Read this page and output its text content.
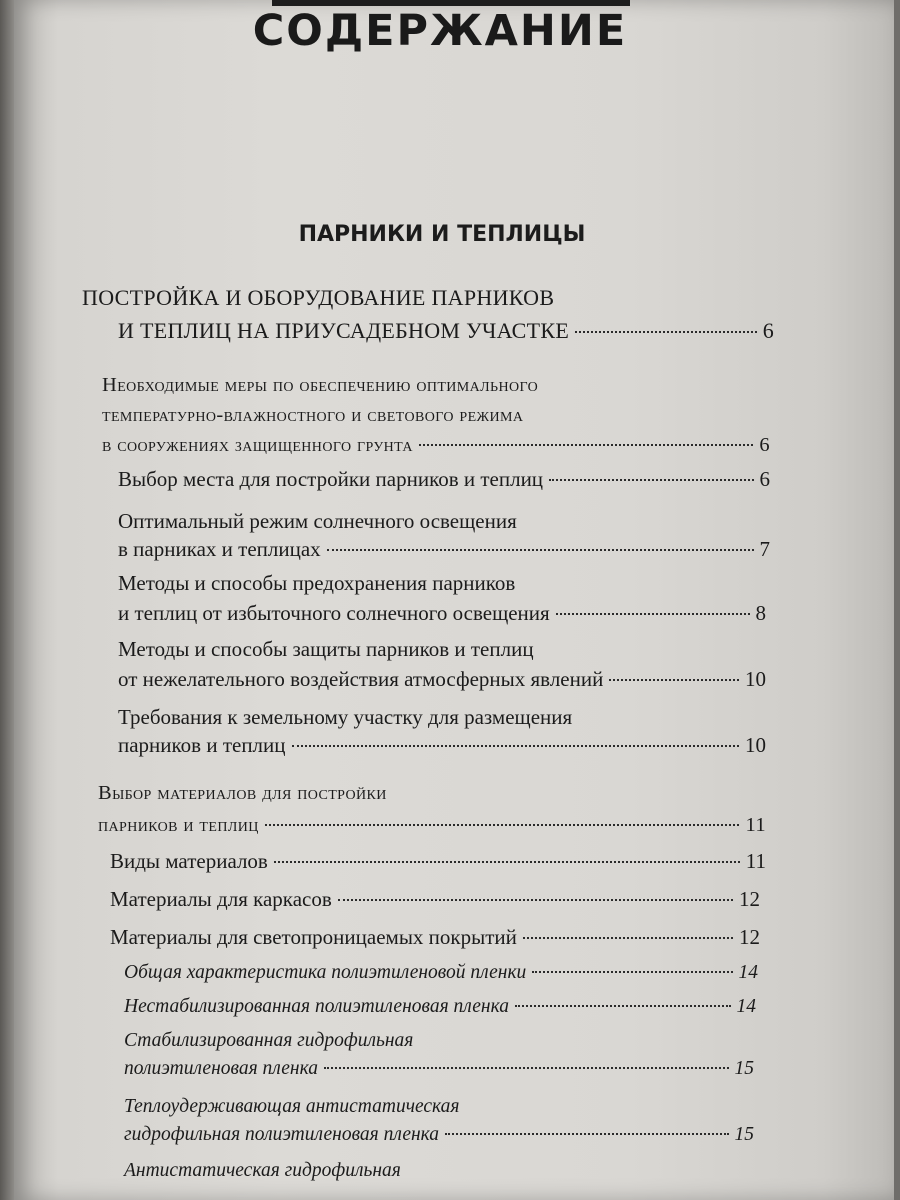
СОДЕРЖАНИЕ
ПАРНИКИ И ТЕПЛИЦЫ
ПОСТРОЙКА И ОБОРУДОВАНИЕ ПАРНИКОВ
И ТЕПЛИЦ НА ПРИУСАДЕБНОМ УЧАСТКЕ	6
Необходимые меры по обеспечению оптимального
температурно-влажностного и светового режима
в сооружениях защищенного грунта	6
Выбор места для постройки парников и теплиц	6
Оптимальный режим солнечного освещения
в парниках и теплицах	7
Методы и способы предохранения парников
и теплиц от избыточного солнечного освещения	8
Методы и способы защиты парников и теплиц
от нежелательного воздействия атмосферных явлений	10
Требования к земельному участку для размещения
парников и теплиц	10
Выбор материалов для постройки
парников и теплиц	11
Виды материалов	11
Материалы для каркасов	12
Материалы для светопроницаемых покрытий	12
Общая характеристика полиэтиленовой пленки	14
Нестабилизированная полиэтиленовая пленка	14
Стабилизированная гидрофильная
полиэтиленовая пленка	15
Теплоудерживающая антистатическая
гидрофильная полиэтиленовая пленка	15
Антистатическая гидрофильная
